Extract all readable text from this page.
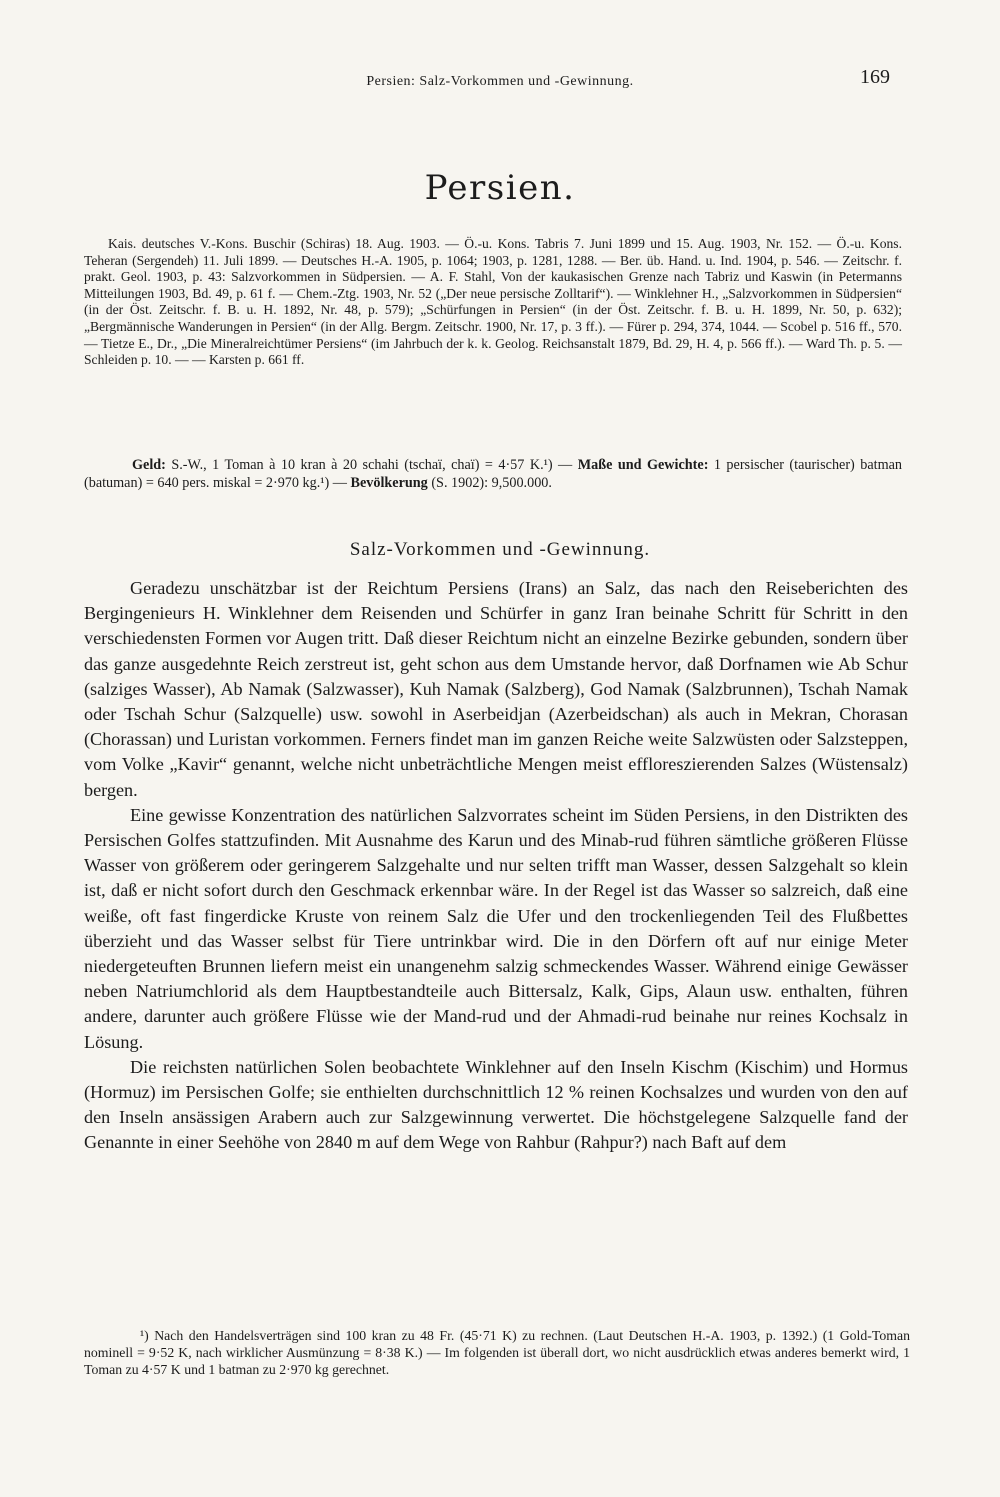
Persien: Salz-Vorkommen und -Gewinnung.	169
Persien.

Kais. deutsches V.-Kons. Buschir (Schiras) 18. Aug. 1903. — Ö.-u. Kons. Tabris 7. Juni 1899 und 15. Aug. 1903, Nr. 152. — Ö.-u. Kons. Teheran (Sergendeh) 11. Juli 1899. — Deutsches H.-A. 1905, p. 1064; 1903, p. 1281, 1288. — Ber. üb. Hand. u. Ind. 1904, p. 546. — Zeitschr. f. prakt. Geol. 1903, p. 43: Salzvorkommen in Südpersien. — A. F. Stahl, Von der kaukasischen Grenze nach Tabriz und Kaswin (in Petermanns Mitteilungen 1903, Bd. 49, p. 61 f. — Chem.-Ztg. 1903, Nr. 52 („Der neue persische Zolltarif“). — Winklehner H., „Salzvorkommen in Südpersien“ (in der Öst. Zeitschr. f. B. u. H. 1892, Nr. 48, p. 579); „Schürfungen in Persien“ (in der Öst. Zeitschr. f. B. u. H. 1899, Nr. 50, p. 632); „Bergmännische Wanderungen in Persien“ (in der Allg. Bergm. Zeitschr. 1900, Nr. 17, p. 3 ff.). — Fürer p. 294, 374, 1044. — Scobel p. 516 ff., 570. — Tietze E., Dr., „Die Mineralreichtümer Persiens“ (im Jahrbuch der k. k. Geolog. Reichsanstalt 1879, Bd. 29, H. 4, p. 566 ff.). — Ward Th. p. 5. — Schleiden p. 10. — — Karsten p. 661 ff.

Geld: S.-W., 1 Toman à 10 kran à 20 schahi (tschaï, chaï) = 4·57 K.¹) — Maße und Gewichte: 1 persischer (taurischer) batman (batuman) = 640 pers. miskal = 2·970 kg.¹) — Bevölkerung (S. 1902): 9,500.000.

Salz-Vorkommen und -Gewinnung.

Geradezu unschätzbar ist der Reichtum Persiens (Irans) an Salz, das nach den Reiseberichten des Bergingenieurs H. Winklehner dem Reisenden und Schürfer in ganz Iran beinahe Schritt für Schritt in den verschiedensten Formen vor Augen tritt. Daß dieser Reichtum nicht an einzelne Bezirke gebunden, sondern über das ganze ausgedehnte Reich zerstreut ist, geht schon aus dem Umstande hervor, daß Dorfnamen wie Ab Schur (salziges Wasser), Ab Namak (Salzwasser), Kuh Namak (Salzberg), God Namak (Salzbrunnen), Tschah Namak oder Tschah Schur (Salzquelle) usw. sowohl in Aserbeidjan (Azerbeidschan) als auch in Mekran, Chorasan (Chorassan) und Luristan vorkommen. Ferners findet man im ganzen Reiche weite Salzwüsten oder Salzsteppen, vom Volke „Kavir“ genannt, welche nicht unbeträchtliche Mengen meist effloreszierenden Salzes (Wüstensalz) bergen.

Eine gewisse Konzentration des natürlichen Salzvorrates scheint im Süden Persiens, in den Distrikten des Persischen Golfes stattzufinden. Mit Ausnahme des Karun und des Minab-rud führen sämtliche größeren Flüsse Wasser von größerem oder geringerem Salzgehalte und nur selten trifft man Wasser, dessen Salzgehalt so klein ist, daß er nicht sofort durch den Geschmack erkennbar wäre. In der Regel ist das Wasser so salzreich, daß eine weiße, oft fast fingerdicke Kruste von reinem Salz die Ufer und den trockenliegenden Teil des Flußbettes überzieht und das Wasser selbst für Tiere untrinkbar wird. Die in den Dörfern oft auf nur einige Meter niedergeteuften Brunnen liefern meist ein unangenehm salzig schmeckendes Wasser. Während einige Gewässer neben Natriumchlorid als dem Hauptbestandteile auch Bittersalz, Kalk, Gips, Alaun usw. enthalten, führen andere, darunter auch größere Flüsse wie der Mand-rud und der Ahmadi-rud beinahe nur reines Kochsalz in Lösung.

Die reichsten natürlichen Solen beobachtete Winklehner auf den Inseln Kischm (Kischim) und Hormus (Hormuz) im Persischen Golfe; sie enthielten durchschnittlich 12 % reinen Kochsalzes und wurden von den auf den Inseln ansässigen Arabern auch zur Salzgewinnung verwertet. Die höchstgelegene Salzquelle fand der Genannte in einer Seehöhe von 2840 m auf dem Wege von Rahbur (Rahpur?) nach Baft auf dem

¹) Nach den Handelsverträgen sind 100 kran zu 48 Fr. (45·71 K) zu rechnen. (Laut Deutschen H.-A. 1903, p. 1392.) (1 Gold-Toman nominell = 9·52 K, nach wirklicher Ausmünzung = 8·38 K.) — Im folgenden ist überall dort, wo nicht ausdrücklich etwas anderes bemerkt wird, 1 Toman zu 4·57 K und 1 batman zu 2·970 kg gerechnet.
